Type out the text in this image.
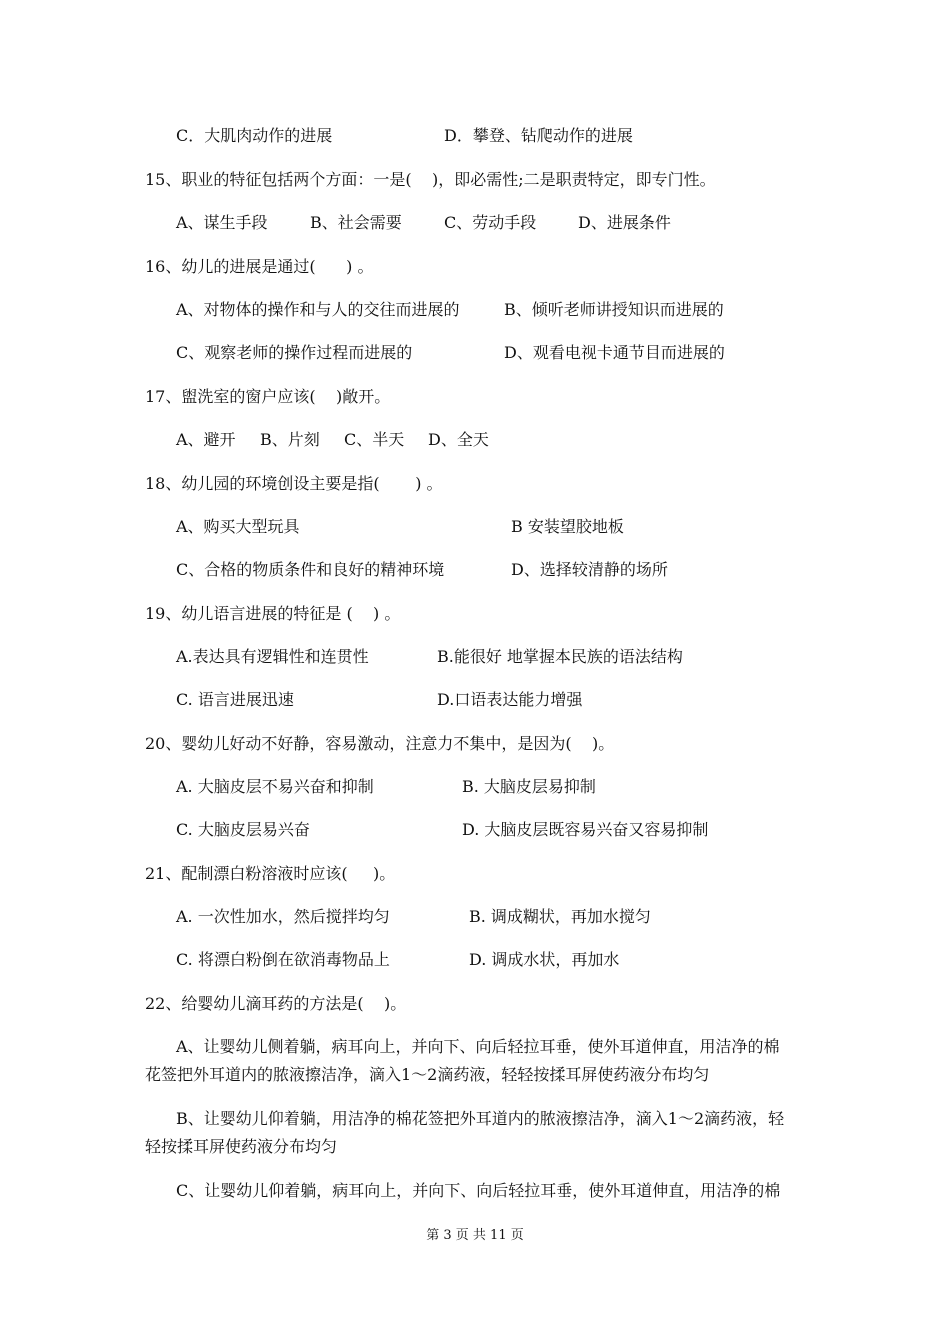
C．大肌肉动作的进展	D．攀登、钻爬动作的进展
15、职业的特征包括两个方面：一是(    )，即必需性;二是职责特定，即专门性。
A、谋生手段	B、社会需要	C、劳动手段	D、进展条件
16、幼儿的进展是通过(      ) 。
A、对物体的操作和与人的交往而进展的	B、倾听老师讲授知识而进展的
C、观察老师的操作过程而进展的	D、观看电视卡通节目而进展的
17、盥洗室的窗户应该(    )敞开。
A、避开 B、片刻 C、半天 D、全天
18、幼儿园的环境创设主要是指(       ) 。
A、购买大型玩具	B 安装望胶地板
C、合格的物质条件和良好的精神环境	D、选择较清静的场所
19、幼儿语言进展的特征是 (    ) 。
A.表达具有逻辑性和连贯性	B.能很好 地掌握本民族的语法结构
C. 语言进展迅速	D.口语表达能力增强
20、婴幼儿好动不好静，容易激动，注意力不集中，是因为(    )。
A. 大脑皮层不易兴奋和抑制	B. 大脑皮层易抑制
C. 大脑皮层易兴奋	D. 大脑皮层既容易兴奋又容易抑制
21、配制漂白粉溶液时应该(     )。
A. 一次性加水，然后搅拌均匀	B. 调成糊状，再加水搅匀
C. 将漂白粉倒在欲消毒物品上	D. 调成水状，再加水
22、给婴幼儿滴耳药的方法是(    )。
A、让婴幼儿侧着躺，病耳向上，并向下、向后轻拉耳垂，使外耳道伸直，用洁净的棉
花签把外耳道内的脓液擦洁净，滴入1～2滴药液，轻轻按揉耳屏使药液分布均匀
B、让婴幼儿仰着躺，用洁净的棉花签把外耳道内的脓液擦洁净，滴入1～2滴药液，轻
轻按揉耳屏使药液分布均匀
C、让婴幼儿仰着躺，病耳向上，并向下、向后轻拉耳垂，使外耳道伸直，用洁净的棉
第 3 页 共 11 页
